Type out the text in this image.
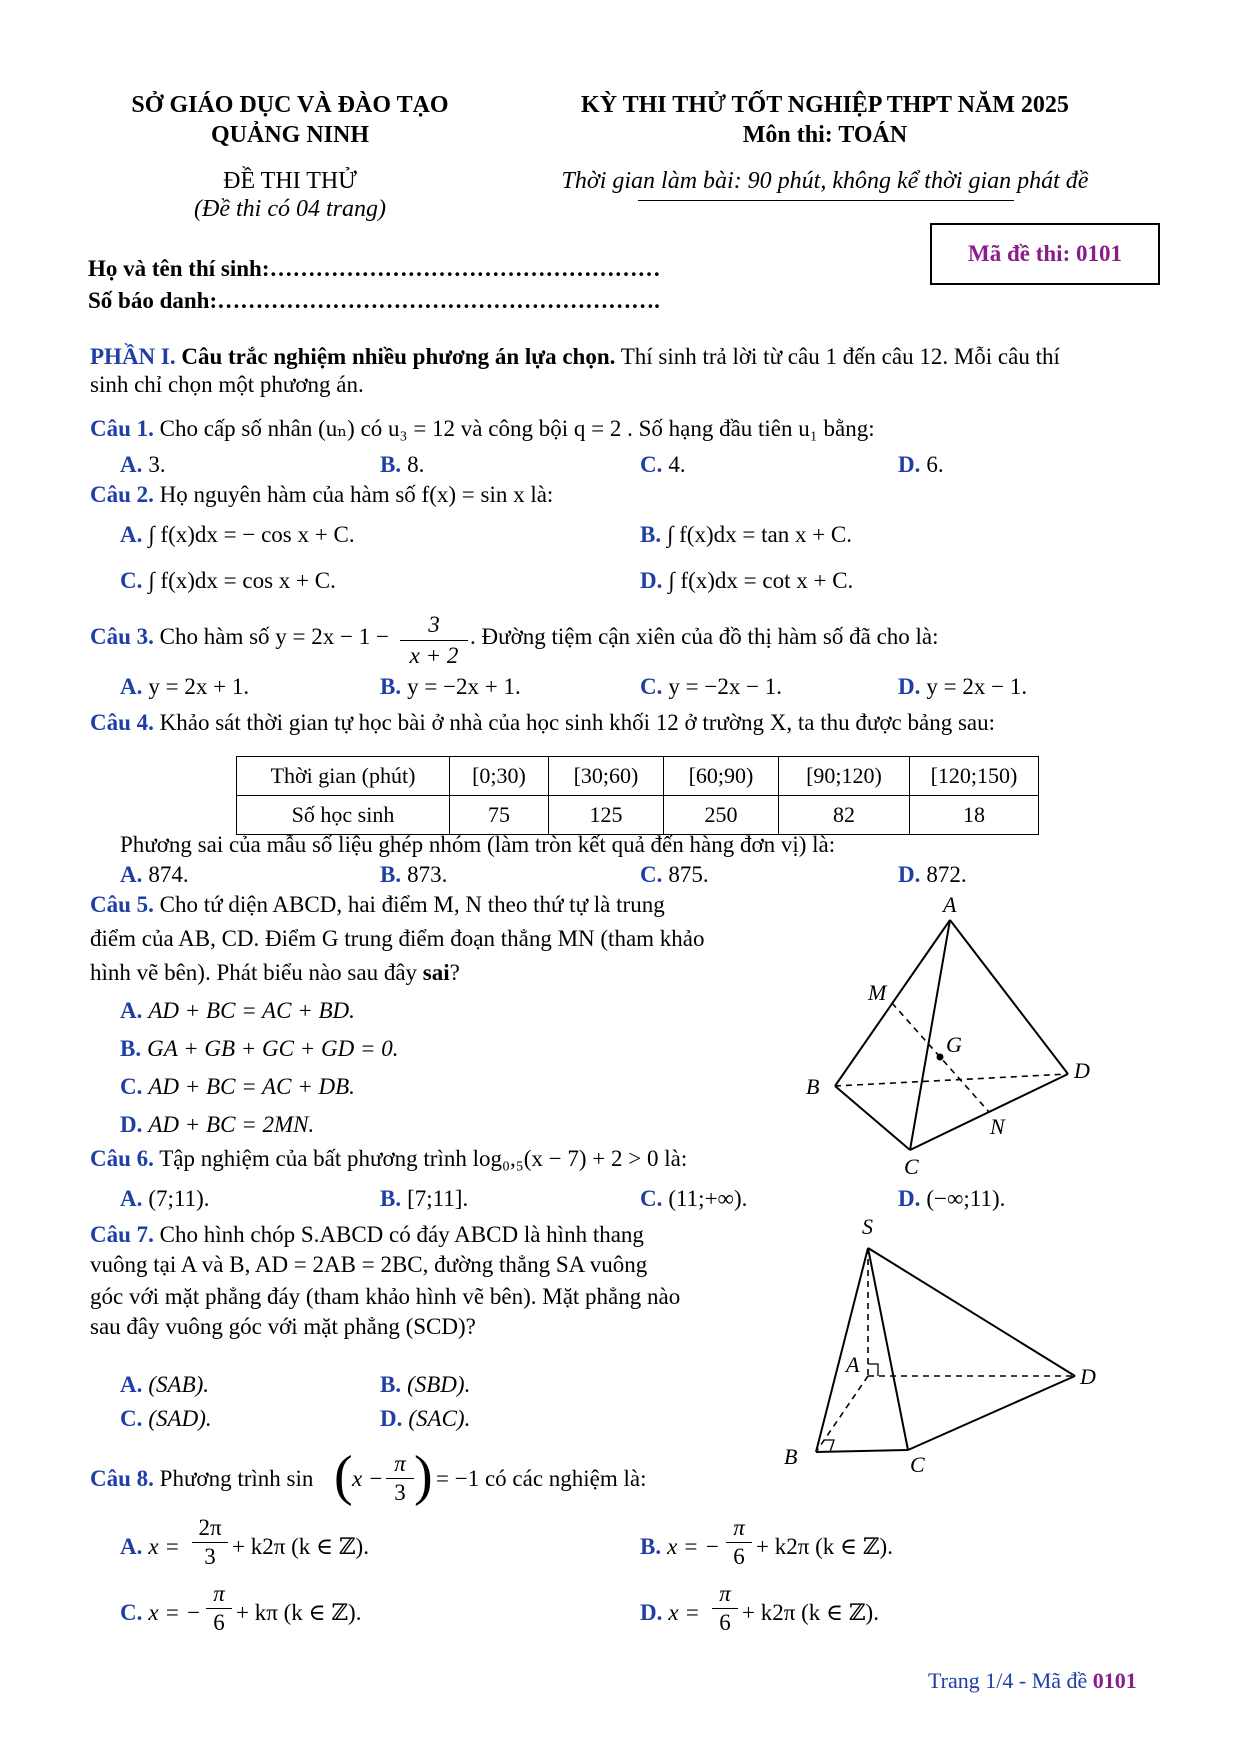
SỞ GIÁO DỤC VÀ ĐÀO TẠO
QUẢNG NINH
ĐỀ THI THỬ
(Đề thi có 04 trang)
KỲ THI THỬ TỐT NGHIỆP THPT NĂM 2025
Môn thi: TOÁN
Thời gian làm bài: 90 phút, không kể thời gian phát đề
Mã đề thi: 0101
Họ và tên thí sinh:……………………………………………
Số báo danh:………………………………………………….
PHẦN I. Câu trắc nghiệm nhiều phương án lựa chọn. Thí sinh trả lời từ câu 1 đến câu 12. Mỗi câu thí
sinh chỉ chọn một phương án.
Câu 1. Cho cấp số nhân (uₙ) có u₃ = 12 và công bội q = 2 . Số hạng đầu tiên u₁ bằng:
A. 3.	B. 8.	C. 4.	D. 6.
Câu 2. Họ nguyên hàm của hàm số f(x) = sin x là:
A. ∫ f(x)dx = − cos x + C.	B. ∫ f(x)dx = tan x + C.
C. ∫ f(x)dx = cos x + C.	D. ∫ f(x)dx = cot x + C.
Câu 3. Cho hàm số $y = 2x - 1 - \frac{3}{x + 2}$ . Đường tiệm cận xiên của đồ thị hàm số đã cho là:
A. y = 2x + 1.	B. y = −2x + 1.	C. y = −2x − 1.	D. y = 2x − 1.
Câu 4. Khảo sát thời gian tự học bài ở nhà của học sinh khối 12 ở trường X, ta thu được bảng sau:
Thời gian (phút)	[0;30)	[30;60)	[60;90)	[90;120)	[120;150)
Số học sinh	75	125	250	82	18
Phương sai của mẫu số liệu ghép nhóm (làm tròn kết quả đến hàng đơn vị) là:
A. 874.	B. 873.	C. 875.	D. 872.
Câu 5. Cho tứ diện ABCD, hai điểm M, N theo thứ tự là trung
điểm của AB, CD. Điểm G trung điểm đoạn thẳng MN (tham khảo
hình vẽ bên). Phát biểu nào sau đây sai?
A. AD + BC = AC + BD.
B. GA + GB + GC + GD = 0.
C. AD + BC = AC + DB.
D. AD + BC = 2MN.
A
B
C
D
M
N
G
Câu 6. Tập nghiệm của bất phương trình log₀,₅(x − 7) + 2 > 0 là:
A. (7;11).	B. [7;11].	C. (11;+∞).	D. (−∞;11).
Câu 7. Cho hình chóp S.ABCD có đáy ABCD là hình thang
vuông tại A và B, AD = 2AB = 2BC, đường thẳng SA vuông
góc với mặt phẳng đáy (tham khảo hình vẽ bên). Mặt phẳng nào
sau đây vuông góc với mặt phẳng (SCD)?
A. (SAB).	B. (SBD).
C. (SAD).	D. (SAC).
S
A
B	C
D
Câu 8. Phương trình sin ( $x - \frac{\pi}{3}$ ) = −1 có các nghiệm là:
A. $x = \frac{2\pi}{3} + k2\pi$ (k ∈ ℤ).	B. x = − $\frac{\pi}{6} + k2\pi$ (k ∈ ℤ).
C. x = − $\frac{\pi}{6} + k\pi$ (k ∈ ℤ).	D. $x = \frac{\pi}{6} + k2\pi$ (k ∈ ℤ).
Trang 1/4 - Mã đề 0101
